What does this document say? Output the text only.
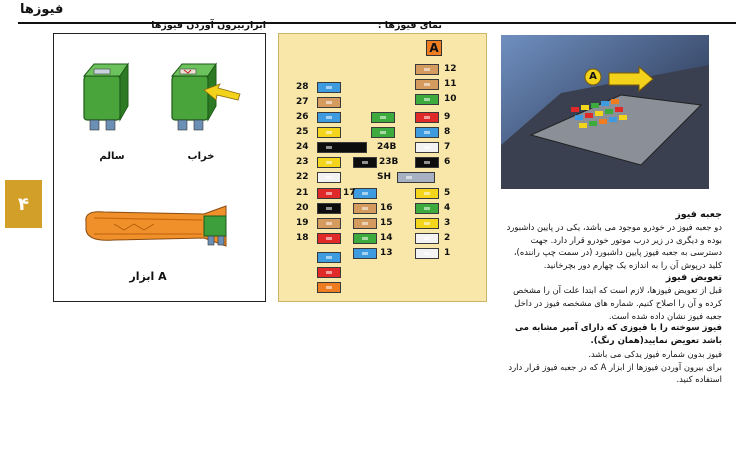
فیوزها
۴
ابزاربیرون آوردن فیوزها
سالم	خراب
ابزار A
نمای فیوزها :
A
28
27
26
25
24
23
22
21
20
19
18
24B
23B
SH
17
16
15
14
13
12
11
10
9
8
7
6
5
4
3
2
1
A
جعبه فیوز
دو جعبه فیوز در خودرو موجود می باشد، یکی در پایین داشبورد بوده و دیگری در زیر درب موتور خودرو قرار دارد. جهت دسترسی به جعبه فیوز پایین داشبورد (در سمت چپ راننده)، کلید درپوش آن را به اندازه یک چهارم دور بچرخانید.
تعویض فیوز
قبل از تعویض فیوزها، لازم است که ابتدا علت آن را مشخص کرده و آن را اصلاح کنیم. شماره های مشخصه فیوز در داخل جعبه فیوز نشان داده شده است.
فیوز سوخته را با فیوزی که دارای آمپر مشابه می باشد تعویض نمایید(همان رنگ).
فیوز بدون شماره فیوز یدکی می باشد.
برای بیرون آوردن فیوزها از ابزار A که در جعبه فیوز قرار دارد استفاده کنید.
